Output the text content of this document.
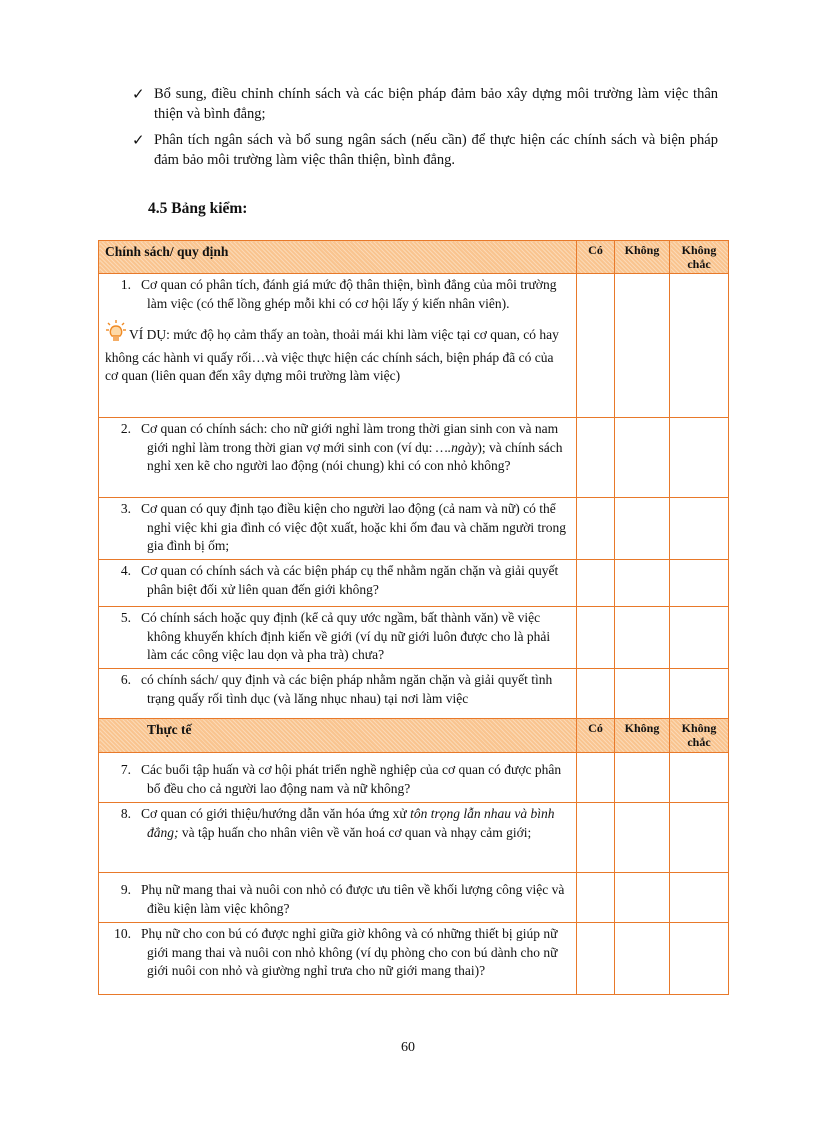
✓ Bổ sung, điều chỉnh chính sách và các biện pháp đảm bảo xây dựng môi trường làm việc thân thiện và bình đẳng;
✓ Phân tích ngân sách và bổ sung ngân sách (nếu cần) để thực hiện các chính sách và biện pháp đảm bảo môi trường làm việc thân thiện, bình đẳng.
4.5 Bảng kiểm:
Chính sách/ quy định	Có	Không	Không chắc

1. Cơ quan có phân tích, đánh giá mức độ thân thiện, bình đẳng của môi trường làm việc (có thể lồng ghép mỗi khi có cơ hội lấy ý kiến nhân viên).
VÍ DỤ: mức độ họ cảm thấy an toàn, thoải mái khi làm việc tại cơ quan, có hay không các hành vi quấy rối…và việc thực hiện các chính sách, biện pháp đã có của cơ quan (liên quan đến xây dựng môi trường làm việc)			

2. Cơ quan có chính sách: cho nữ giới nghỉ làm trong thời gian sinh con và nam giới nghỉ làm trong thời gian vợ mới sinh con (ví dụ: ….ngày); và chính sách nghỉ xen kẽ cho người lao động (nói chung) khi có con nhỏ không?			

3. Cơ quan có quy định tạo điều kiện cho người lao động (cả nam và nữ) có thể nghỉ việc khi gia đình có việc đột xuất, hoặc khi ốm đau và chăm người trong gia đình bị ốm;			

4. Cơ quan có chính sách và các biện pháp cụ thể nhằm ngăn chặn và giải quyết phân biệt đối xử liên quan đến giới không?			

5. Có chính sách hoặc quy định (kể cả quy ước ngầm, bất thành văn) về việc không khuyến khích định kiến về giới (ví dụ nữ giới luôn được cho là phải làm các công việc lau dọn và pha trà) chưa?			

6. có chính sách/ quy định và các biện pháp nhằm ngăn chặn và giải quyết tình trạng quấy rối tình dục (và lăng nhục nhau) tại nơi làm việc			

Thực tế	Có	Không	Không chắc

7. Các buổi tập huấn và cơ hội phát triển nghề nghiệp của cơ quan có được phân bổ đều cho cả người lao động nam và nữ không?			

8. Cơ quan có giới thiệu/hướng dẫn văn hóa ứng xử tôn trọng lẫn nhau và bình đẳng; và tập huấn cho nhân viên về văn hoá cơ quan và nhạy cảm giới;			

9. Phụ nữ mang thai và nuôi con nhỏ có được ưu tiên về khối lượng công việc và điều kiện làm việc không?			

10. Phụ nữ cho con bú có được nghỉ giữa giờ không và có những thiết bị giúp nữ giới mang thai và nuôi con nhỏ không (ví dụ phòng cho con bú dành cho nữ giới nuôi con nhỏ và giường nghỉ trưa cho nữ giới mang thai)?			

60
